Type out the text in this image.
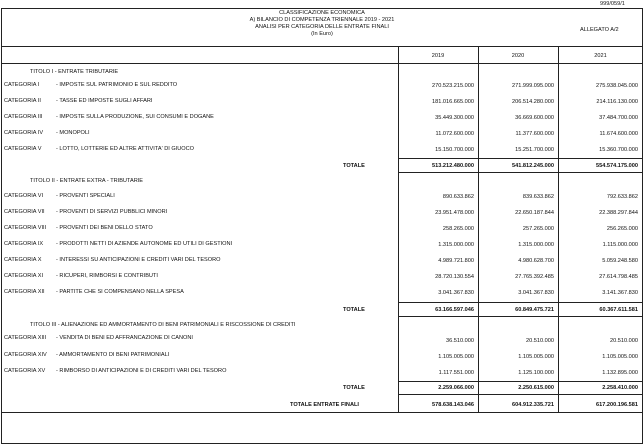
999/059/1
CLASSIFICAZIONE ECONOMICA
A) BILANCIO DI COMPETENZA TRIENNALE 2019 - 2021
ANALISI PER CATEGORIA DELLE ENTRATE FINALI
(In Euro)
ALLEGATO A/2
2019	2020	2021
TITOLO I - ENTRATE TRIBUTARIE
CATEGORIA I	- IMPOSTE SUL PATRIMONIO E SUL REDDITO	270.523.215.000	271.999.095.000	275.938.045.000
CATEGORIA II	- TASSE ED IMPOSTE SUGLI AFFARI	181.016.665.000	206.514.280.000	214.116.130.000
CATEGORIA III - IMPOSTE SULLA PRODUZIONE, SUI CONSUMI E DOGANE	35.449.300.000	36.669.600.000	37.484.700.000
CATEGORIA IV - MONOPOLI	11.072.600.000	11.377.600.000	11.674.600.000
CATEGORIA V	- LOTTO, LOTTERIE ED ALTRE ATTIVITA' DI GIUOCO	15.150.700.000	15.251.700.000	15.360.700.000
TOTALE	513.212.480.000	541.812.245.000	554.574.175.000
TITOLO II - ENTRATE EXTRA - TRIBUTARIE
CATEGORIA VI - PROVENTI SPECIALI	890.633.862	839.633.862	792.633.862
CATEGORIA VII - PROVENTI DI SERVIZI PUBBLICI MINORI	23.951.478.000	22.650.187.844	22.388.297.844
CATEGORIA VIII - PROVENTI DEI BENI DELLO STATO	258.265.000	257.265.000	256.265.000
CATEGORIA IX - PRODOTTI NETTI DI AZIENDE AUTONOME ED UTILI DI GESTIONI	1.315.000.000	1.315.000.000	1.115.000.000
CATEGORIA X	- INTERESSI SU ANTICIPAZIONI E CREDITI VARI DEL TESORO	4.989.721.800	4.980.628.700	5.059.248.580
CATEGORIA XI - RICUPERI, RIMBORSI E CONTRIBUTI	28.720.130.554	27.765.392.485	27.614.798.485
CATEGORIA XII - PARTITE CHE SI COMPENSANO NELLA SPESA	3.041.367.830	3.041.367.830	3.141.367.830
TOTALE	63.166.597.046	60.849.475.721	60.367.611.581
TITOLO III - ALIENAZIONE ED AMMORTAMENTO DI BENI PATRIMONIALI E RISCOSSIONE DI CREDITI
CATEGORIA XIII - VENDITA DI BENI ED AFFRANCAZIONE DI CANONI	36.510.000	20.510.000	20.510.000
CATEGORIA XIV - AMMORTAMENTO DI BENI PATRIMONIALI	1.105.005.000	1.105.005.000	1.105.005.000
CATEGORIA XV - RIMBORSO DI ANTICIPAZIONI E DI CREDITI VARI DEL TESORO	1.117.551.000	1.125.100.000	1.132.895.000
TOTALE	2.259.066.000	2.250.615.000	2.258.410.000
TOTALE ENTRATE FINALI	578.638.143.046	604.912.335.721	617.200.196.581
